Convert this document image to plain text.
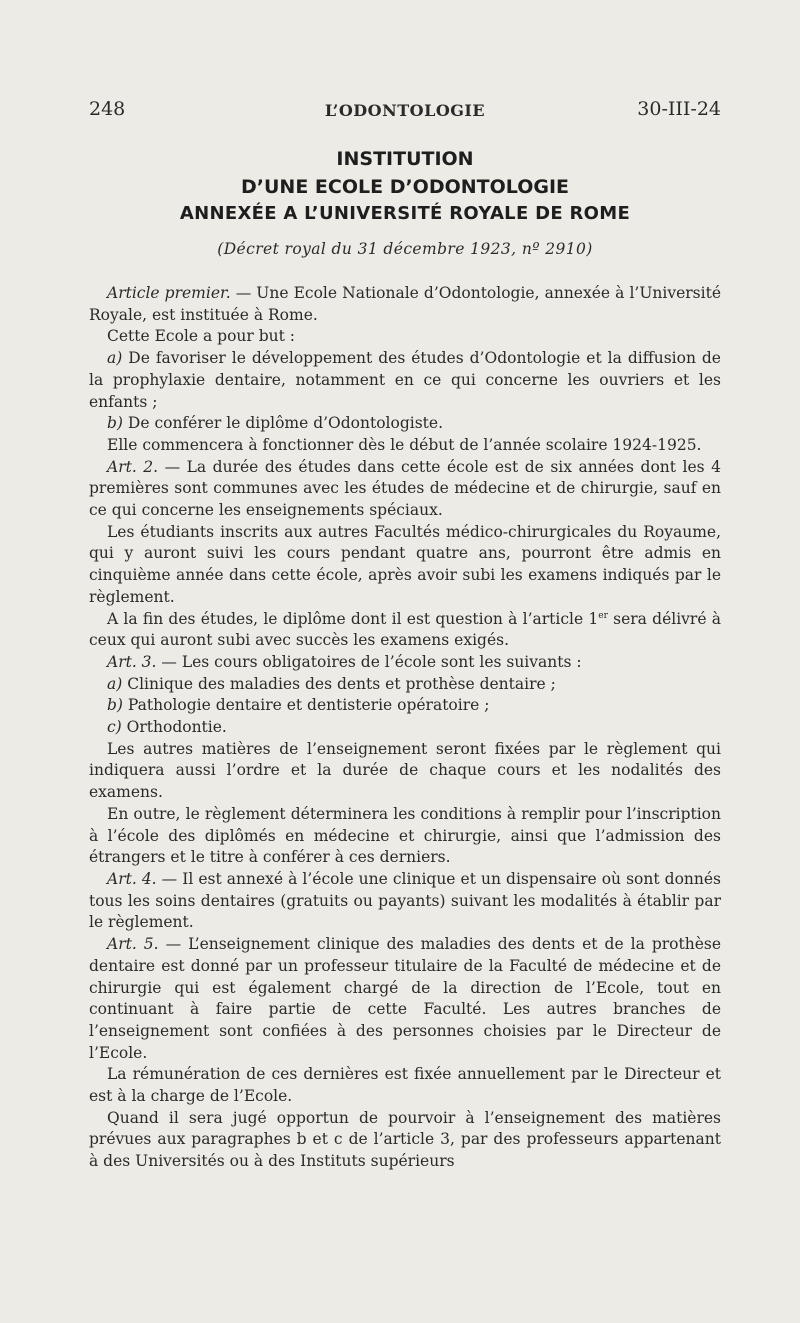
248	L’ODONTOLOGIE	30-III-24
INSTITUTION
D’UNE ECOLE D’ODONTOLOGIE
ANNEXÉE A L’UNIVERSITÉ ROYALE DE ROME
(Décret royal du 31 décembre 1923, nº 2910)

Article premier. — Une Ecole Nationale d’Odontologie, annexée à l’Université Royale, est instituée à Rome.

Cette Ecole a pour but :

a) De favoriser le développement des études d’Odontologie et la diffusion de la prophylaxie dentaire, notamment en ce qui concerne les ouvriers et les enfants ;

b) De conférer le diplôme d’Odontologiste.

Elle commencera à fonctionner dès le début de l’année scolaire 1924-1925.

Art. 2. — La durée des études dans cette école est de six années dont les 4 premières sont communes avec les études de médecine et de chirurgie, sauf en ce qui concerne les enseignements spéciaux.

Les étudiants inscrits aux autres Facultés médico-chirurgicales du Royaume, qui y auront suivi les cours pendant quatre ans, pourront être admis en cinquième année dans cette école, après avoir subi les examens indiqués par le règlement.

A la fin des études, le diplôme dont il est question à l’article 1er sera délivré à ceux qui auront subi avec succès les examens exigés.

Art. 3. — Les cours obligatoires de l’école sont les suivants :

a) Clinique des maladies des dents et prothèse dentaire ;

b) Pathologie dentaire et dentisterie opératoire ;

c) Orthodontie.

Les autres matières de l’enseignement seront fixées par le règlement qui indiquera aussi l’ordre et la durée de chaque cours et les nodalités des examens.

En outre, le règlement déterminera les conditions à remplir pour l’inscription à l’école des diplômés en médecine et chirurgie, ainsi que l’admission des étrangers et le titre à conférer à ces derniers.

Art. 4. — Il est annexé à l’école une clinique et un dispensaire où sont donnés tous les soins dentaires (gratuits ou payants) suivant les modalités à établir par le règlement.

Art. 5. — L’enseignement clinique des maladies des dents et de la prothèse dentaire est donné par un professeur titulaire de la Faculté de médecine et de chirurgie qui est également chargé de la direction de l’Ecole, tout en continuant à faire partie de cette Faculté. Les autres branches de l’enseignement sont confiées à des personnes choisies par le Directeur de l’Ecole.

La rémunération de ces dernières est fixée annuellement par le Directeur et est à la charge de l’Ecole.

Quand il sera jugé opportun de pourvoir à l’enseignement des matières prévues aux paragraphes b et c de l’article 3, par des professeurs appartenant à des Universités ou à des Instituts supérieurs
